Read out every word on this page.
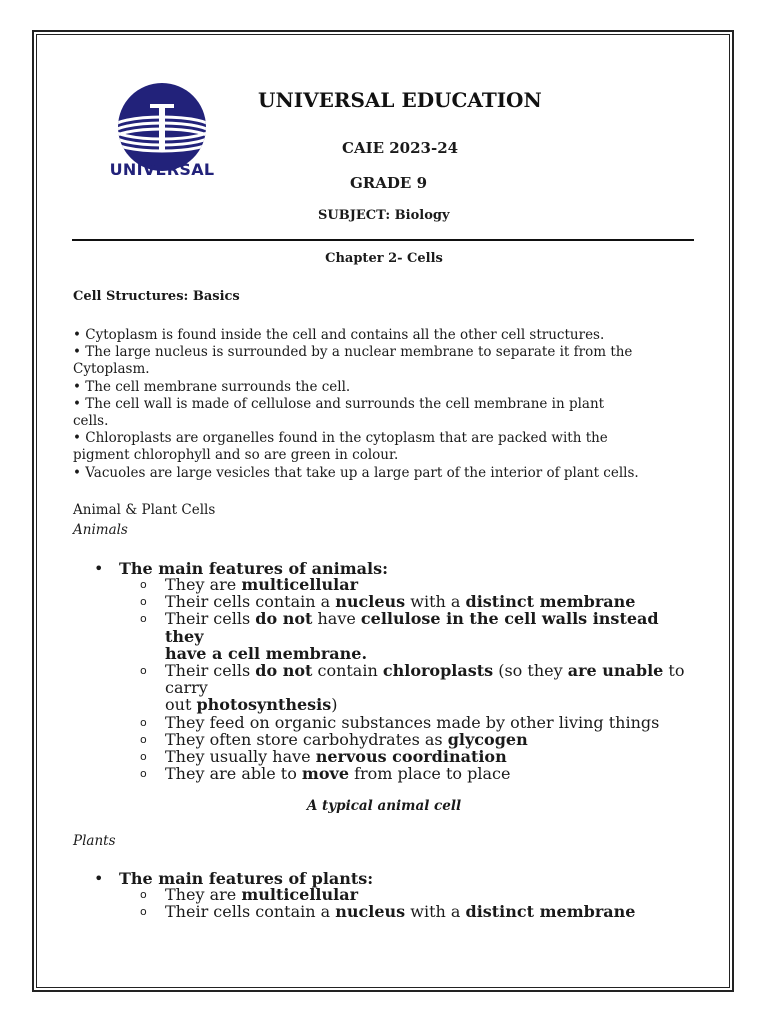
UNIVERSAL
UNIVERSAL EDUCATION
CAIE 2023-24
GRADE 9
SUBJECT: Biology
Chapter 2- Cells
Cell Structures: Basics
• Cytoplasm is found inside the cell and contains all the other cell structures.
• The large nucleus is surrounded by a nuclear membrane to separate it from the
Cytoplasm.
• The cell membrane surrounds the cell.
• The cell wall is made of cellulose and surrounds the cell membrane in plant
cells.
• Chloroplasts are organelles found in the cytoplasm that are packed with the
pigment chlorophyll and so are green in colour.
• Vacuoles are large vesicles that take up a large part of the interior of plant cells.
Animal & Plant Cells
Animals
• The main features of animals:
o They are multicellular
o Their cells contain a nucleus with a distinct membrane
o Their cells do not have cellulose in the cell walls instead they
have a cell membrane.
o Their cells do not contain chloroplasts (so they are unable to carry
out photosynthesis)
o They feed on organic substances made by other living things
o They often store carbohydrates as glycogen
o They usually have nervous coordination
o They are able to move from place to place
A typical animal cell
Plants
• The main features of plants:
o They are multicellular
o Their cells contain a nucleus with a distinct membrane
